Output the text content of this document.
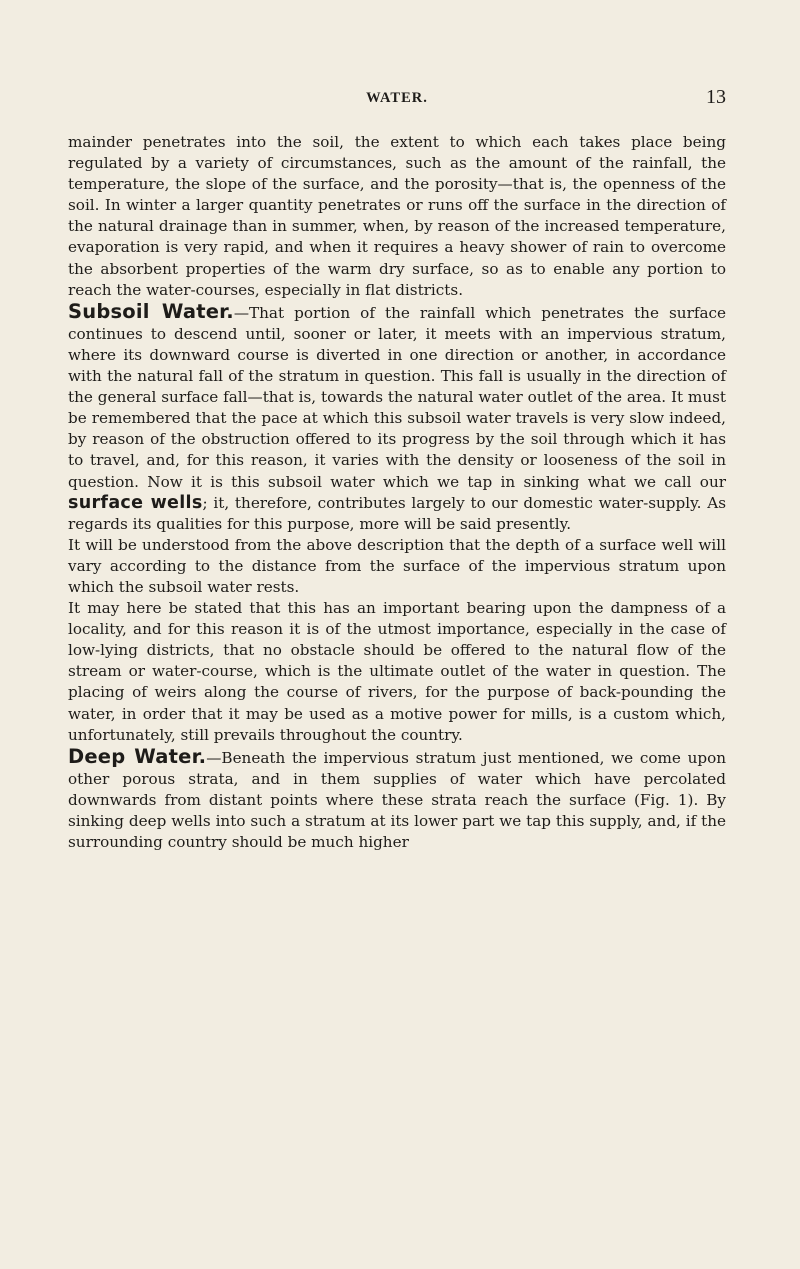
WATER.	13

mainder penetrates into the soil, the extent to which each takes place being regulated by a variety of circumstances, such as the amount of the rainfall, the temperature, the slope of the surface, and the porosity—that is, the openness of the soil. In winter a larger quantity penetrates or runs off the surface in the direction of the natural drainage than in summer, when, by reason of the increased temperature, evaporation is very rapid, and when it requires a heavy shower of rain to overcome the absorbent properties of the warm dry surface, so as to enable any portion to reach the water-courses, especially in flat districts.

Subsoil Water.—That portion of the rainfall which penetrates the surface continues to descend until, sooner or later, it meets with an impervious stratum, where its downward course is diverted in one direction or another, in accordance with the natural fall of the stratum in question. This fall is usually in the direction of the general surface fall—that is, towards the natural water outlet of the area. It must be remembered that the pace at which this subsoil water travels is very slow indeed, by reason of the obstruction offered to its progress by the soil through which it has to travel, and, for this reason, it varies with the density or looseness of the soil in question. Now it is this subsoil water which we tap in sinking what we call our surface wells; it, therefore, contributes largely to our domestic water-supply. As regards its qualities for this purpose, more will be said presently.

It will be understood from the above description that the depth of a surface well will vary according to the distance from the surface of the impervious stratum upon which the subsoil water rests.

It may here be stated that this has an important bearing upon the dampness of a locality, and for this reason it is of the utmost importance, especially in the case of low-lying districts, that no obstacle should be offered to the natural flow of the stream or water-course, which is the ultimate outlet of the water in question. The placing of weirs along the course of rivers, for the purpose of back-pounding the water, in order that it may be used as a motive power for mills, is a custom which, unfortunately, still prevails throughout the country.

Deep Water.—Beneath the impervious stratum just mentioned, we come upon other porous strata, and in them supplies of water which have percolated downwards from distant points where these strata reach the surface (Fig. 1). By sinking deep wells into such a stratum at its lower part we tap this supply, and, if the surrounding country should be much higher
